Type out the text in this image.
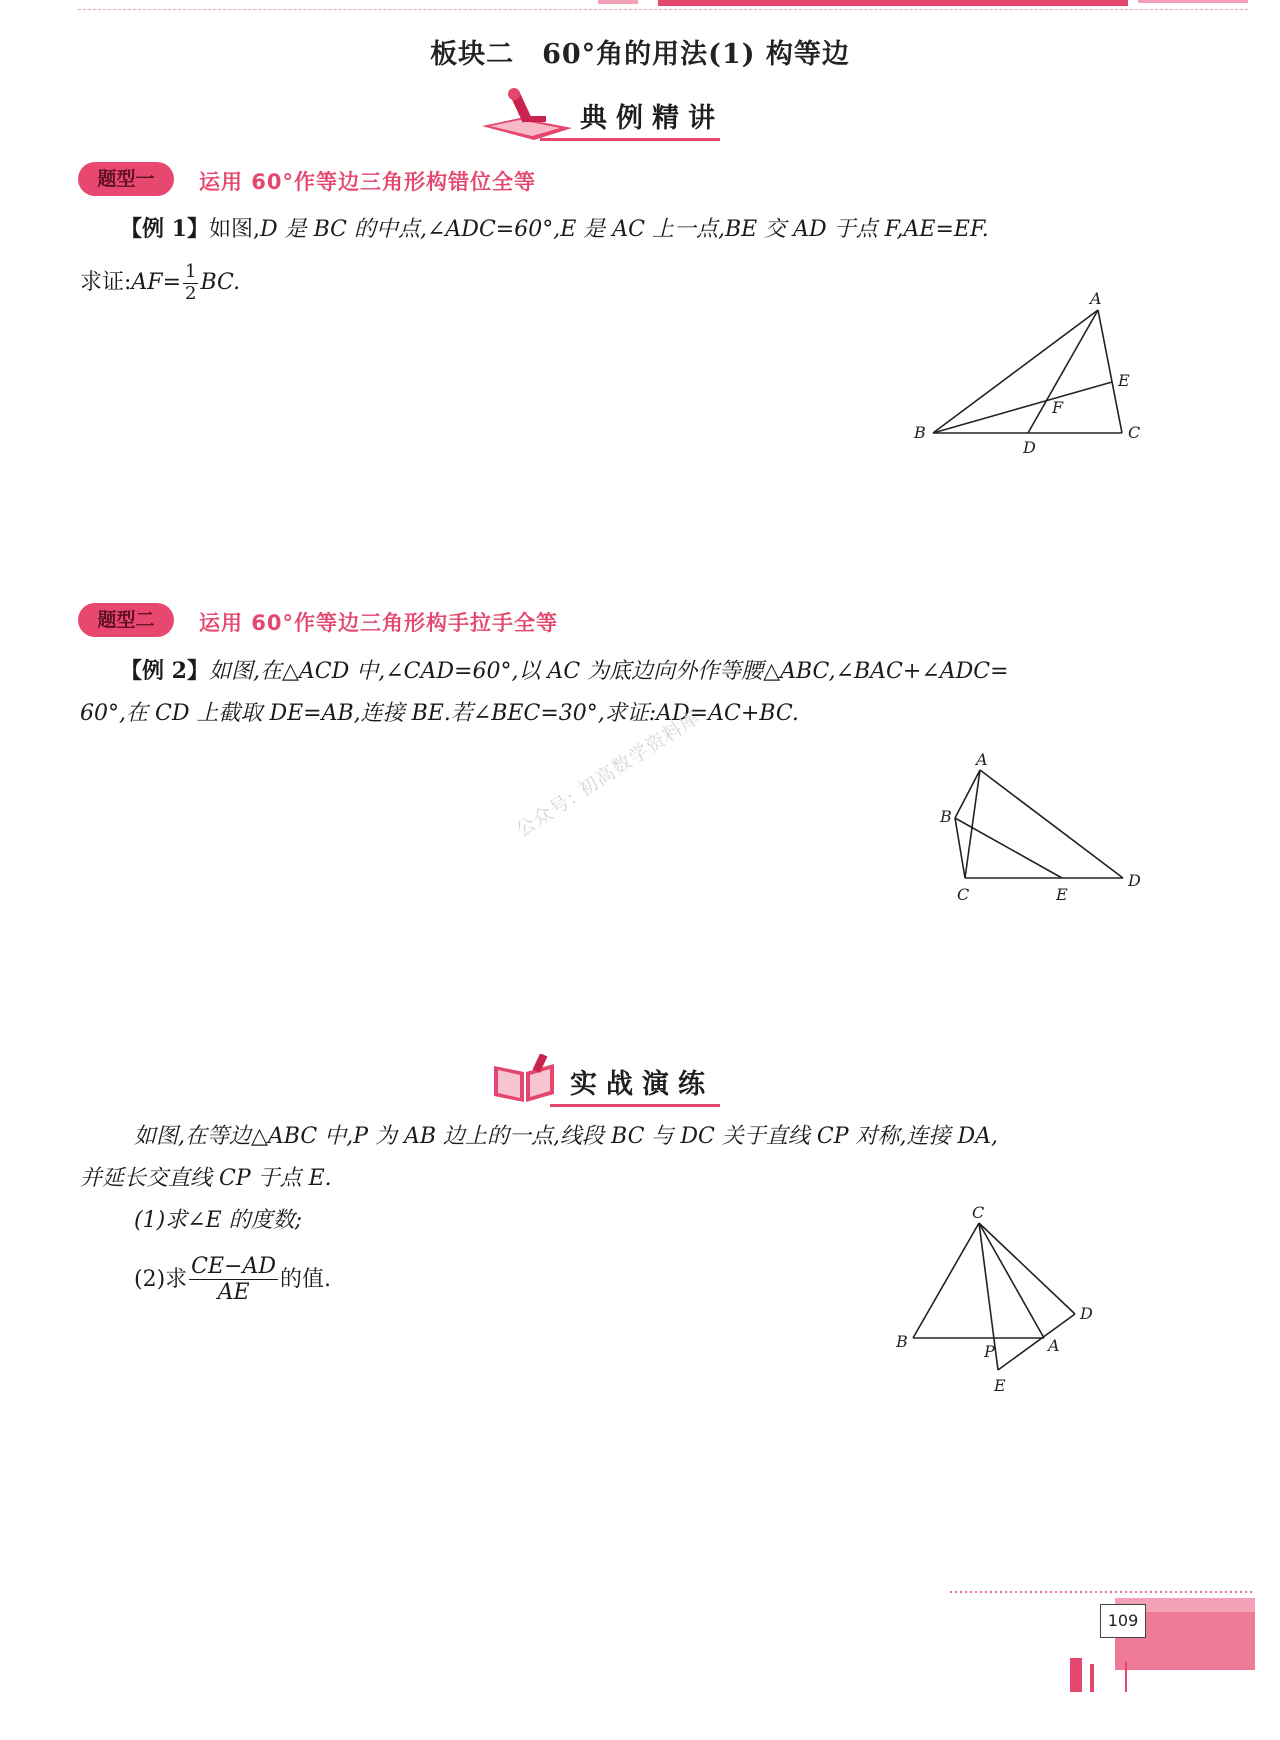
板块二　60°角的用法(1) 构等边
典例精讲
题型一	运用 60°作等边三角形构错位全等
【例 1】如图,D 是 BC 的中点,∠ADC=60°,E 是 AC 上一点,BE 交 AD 于点 F,AE=EF.
求证:AF= $\frac{1}{2}$ BC.
A
E
F
B	C
D
题型二	运用 60°作等边三角形构手拉手全等
【例 2】如图,在△ACD 中,∠CAD=60°,以 AC 为底边向外作等腰△ABC,∠BAC+∠ADC=
60°,在 CD 上截取 DE=AB,连接 BE.若∠BEC=30°,求证:AD=AC+BC.
A
B
C	E
D
公众号: 初高数学资料库
实战演练
如图,在等边△ABC 中,P 为 AB 边上的一点,线段 BC 与 DC 关于直线 CP 对称,连接 DA,
并延长交直线 CP 于点 E.
(1)求∠E 的度数;
(2)求 $\frac{CE-AD}{AE}$ 的值.
C
D
B
P	A
E
109
